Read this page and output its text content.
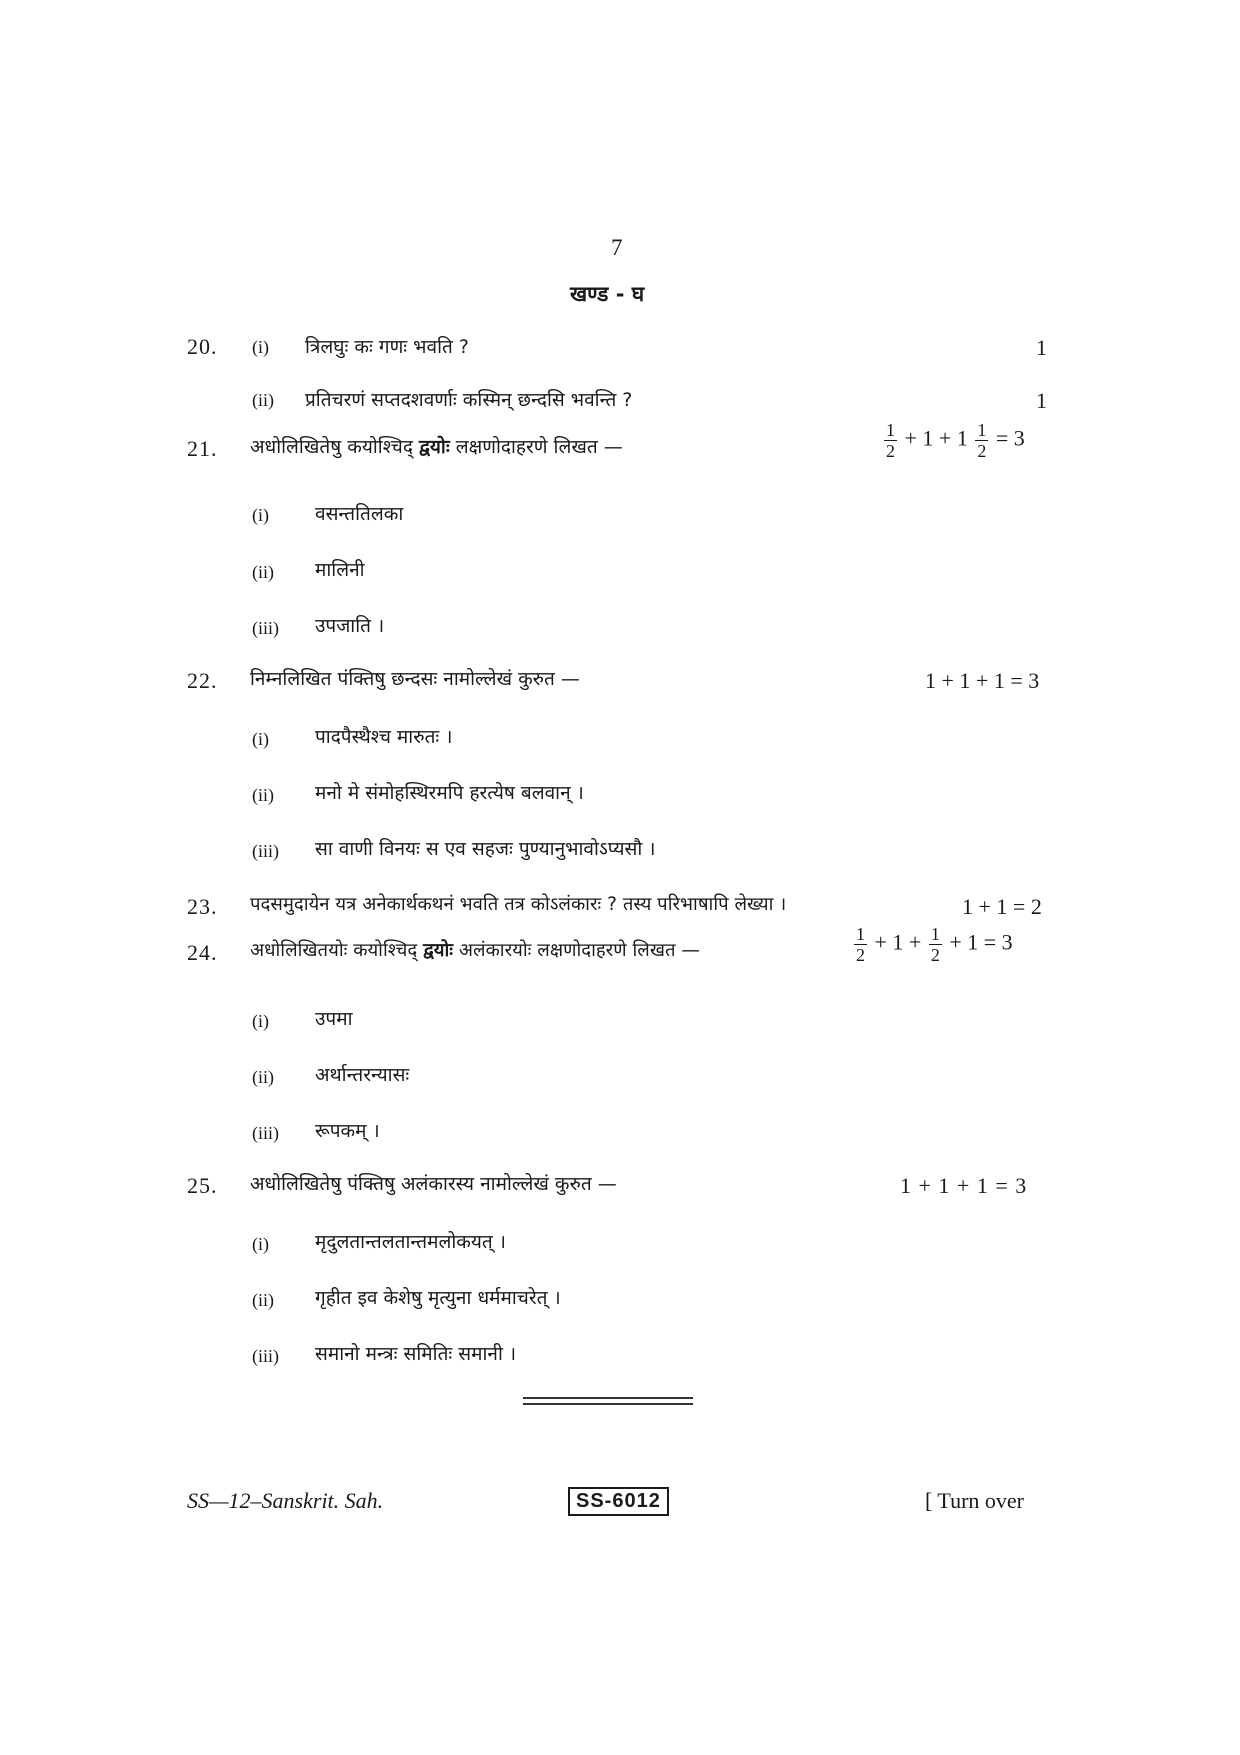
7
खण्ड - घ
20. (i) त्रिलघुः कः गणः भवति ?	1
(ii) प्रतिचरणं सप्तदशवर्णाः कस्मिन् छन्दसि भवन्ति ?	1
21. अधोलिखितेषु कयोश्चिद् द्वयोः लक्षणोदाहरणे लिखत —	$\frac{1}{2} + 1 + 1 \frac{1}{2} = 3$
(i) वसन्ततिलका
(ii) मालिनी
(iii) उपजाति ।
22. निम्नलिखित पंक्तिषु छन्दसः नामोल्लेखं कुरुत —	1 + 1 + 1 = 3
(i) पादपैस्थैश्च मारुतः ।
(ii) मनो मे संमोहस्थिरमपि हरत्येष बलवान् ।
(iii) सा वाणी विनयः स एव सहजः पुण्यानुभावोऽप्यसौ ।
23. पदसमुदायेन यत्र अनेकार्थकथनं भवति तत्र कोऽलंकारः ? तस्य परिभाषापि लेख्या ।	1 + 1 = 2
24. अधोलिखितयोः कयोश्चिद् द्वयोः अलंकारयोः लक्षणोदाहरणे लिखत —	$\frac{1}{2} + 1 + \frac{1}{2} + 1 = 3$
(i) उपमा
(ii) अर्थान्तरन्यासः
(iii) रूपकम् ।
25. अधोलिखितेषु पंक्तिषु अलंकारस्य नामोल्लेखं कुरुत —	1 + 1 + 1 = 3
(i) मृदुलतान्तलतान्तमलोकयत् ।
(ii) गृहीत इव केशेषु मृत्युना धर्ममाचरेत् ।
(iii) समानो मन्त्रः समितिः समानी ।
SS—12–Sanskrit. Sah.	SS-6012	[ Turn over
